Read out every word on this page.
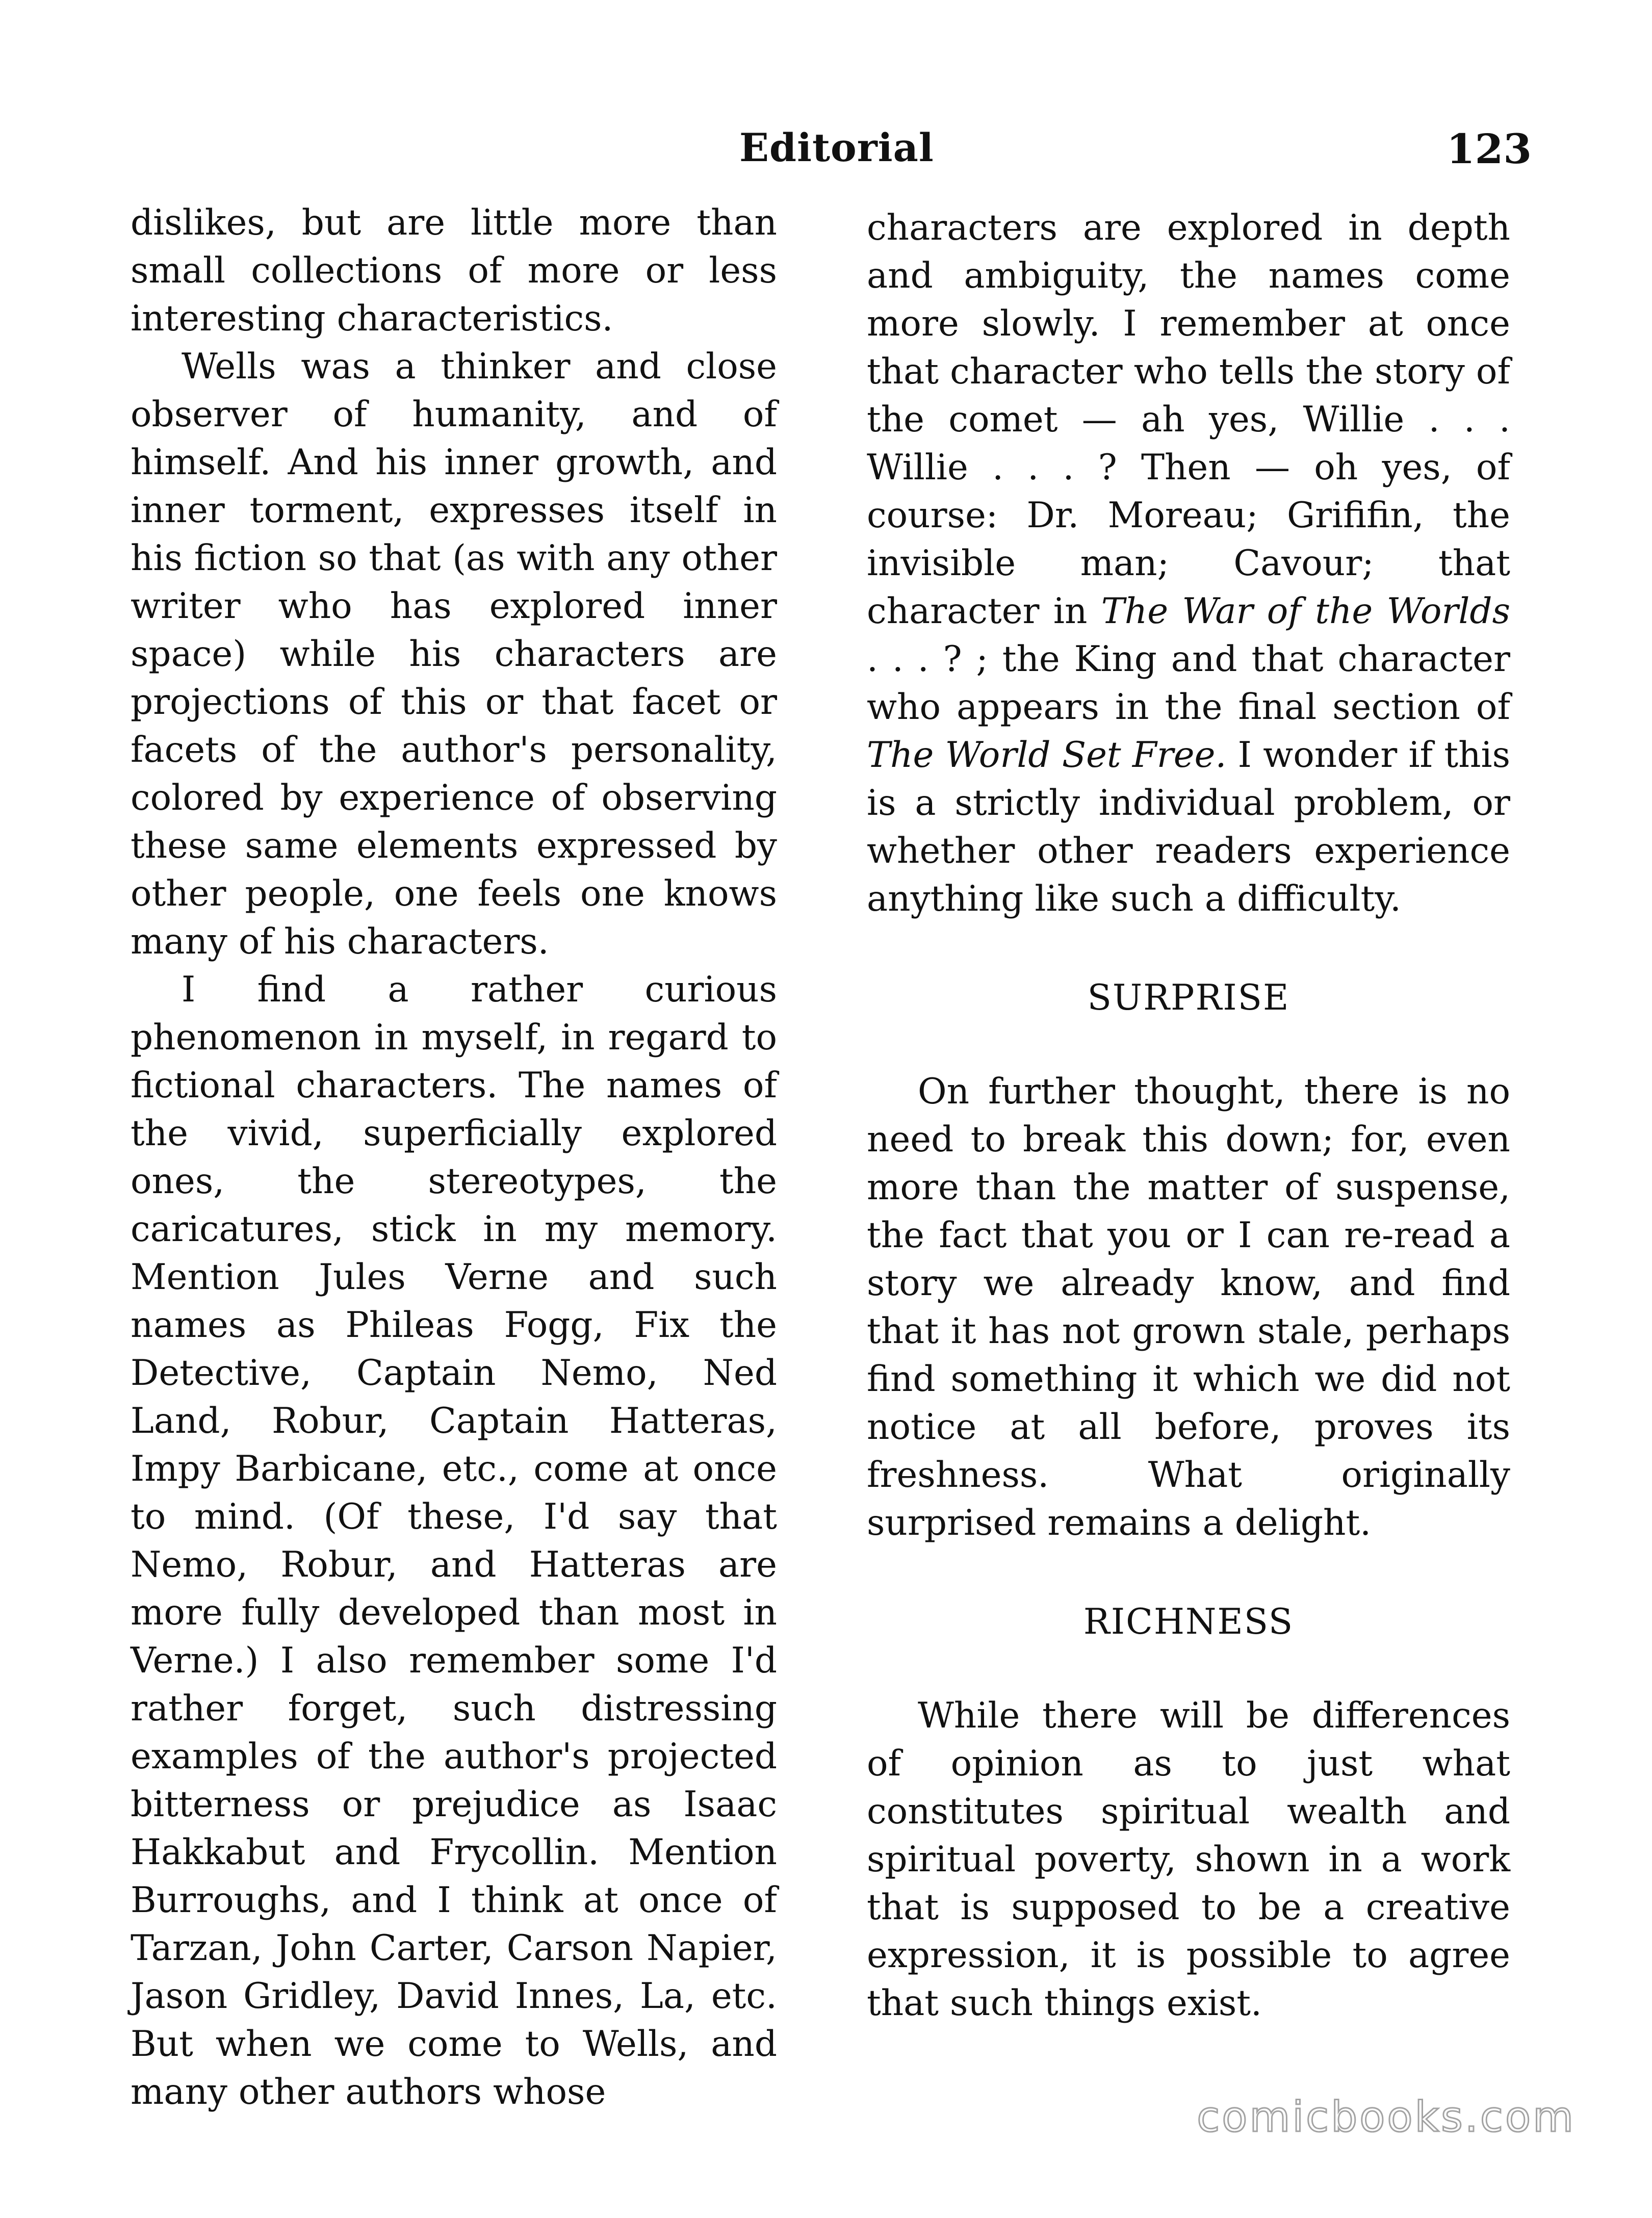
Editorial	123

dislikes, but are little more than small collections of more or less interesting characteristics.

Wells was a thinker and close observer of humanity, and of himself. And his inner growth, and inner torment, expresses itself in his fiction so that (as with any other writer who has explored inner space) while his characters are projections of this or that facet or facets of the author's personality, colored by experience of observing these same elements expressed by other people, one feels one knows many of his characters.

I find a rather curious phenomenon in myself, in regard to fictional characters. The names of the vivid, superficially explored ones, the stereotypes, the caricatures, stick in my memory. Mention Jules Verne and such names as Phileas Fogg, Fix the Detective, Captain Nemo, Ned Land, Robur, Captain Hatteras, Impy Barbicane, etc., come at once to mind. (Of these, I'd say that Nemo, Robur, and Hatteras are more fully developed than most in Verne.) I also remember some I'd rather forget, such distressing examples of the author's projected bitterness or prejudice as Isaac Hakkabut and Frycollin. Mention Burroughs, and I think at once of Tarzan, John Carter, Carson Napier, Jason Gridley, David Innes, La, etc. But when we come to Wells, and many other authors whose

characters are explored in depth and ambiguity, the names come more slowly. I remember at once that character who tells the story of the comet — ah yes, Willie . . . Willie . . . ? Then — oh yes, of course: Dr. Moreau; Grififin, the invisible man; Cavour; that character in The War of the Worlds . . . ? ; the King and that character who appears in the final section of The World Set Free. I wonder if this is a strictly individual problem, or whether other readers experience anything like such a difficulty.

SURPRISE

On further thought, there is no need to break this down; for, even more than the matter of suspense, the fact that you or I can re-read a story we already know, and find that it has not grown stale, perhaps find something it which we did not notice at all before, proves its freshness. What originally surprised remains a delight.

RICHNESS

While there will be differences of opinion as to just what constitutes spiritual wealth and spiritual poverty, shown in a work that is supposed to be a creative expression, it is possible to agree that such things exist.

comicbooks.com
